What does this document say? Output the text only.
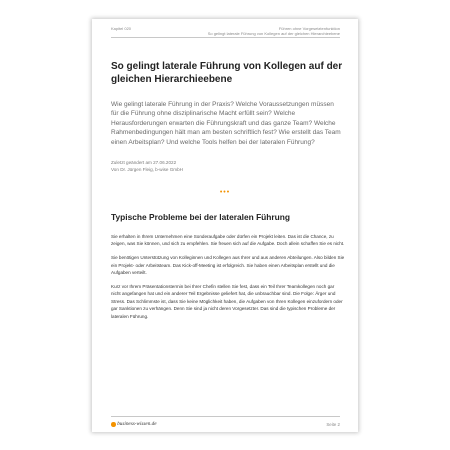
Kapitel 020	Führen ohne Vorgesetztenfunktion
So gelingt laterale Führung von Kollegen auf der gleichen Hierarchieebene
So gelingt laterale Führung von Kollegen auf der gleichen Hierarchieebene

Wie gelingt laterale Führung in der Praxis? Welche Voraussetzungen müssen für die Führung ohne disziplinarische Macht erfüllt sein? Welche Herausforderungen erwarten die Führungskraft und das ganze Team? Welche Rahmenbedingungen hält man am besten schriftlich fest? Wie erstellt das Team einen Arbeitsplan? Und welche Tools helfen bei der lateralen Führung?

Zuletzt geändert am 27.06.2022
Von Dr. Jürgen Fleig, b-wise GmbH
•••
Typische Probleme bei der lateralen Führung

Sie erhalten in Ihrem Unternehmen eine Sonderaufgabe oder dürfen ein Projekt leiten. Das ist die Chance, zu zeigen, was Sie können, und sich zu empfehlen. Sie freuen sich auf die Aufgabe. Doch allein schaffen Sie es nicht.

Sie benötigen Unterstützung von Kolleginnen und Kollegen aus Ihrer und aus anderen Abteilungen. Also bilden Sie ein Projekt- oder Arbeitsteam. Das Kick-off-Meeting ist erfolgreich. Sie haben einen Arbeitsplan erstellt und die Aufgaben verteilt.

Kurz vor Ihrem Präsentationstermin bei Ihrer Chefin stellen Sie fest, dass ein Teil Ihrer Teamkollegen noch gar nicht angefangen hat und ein anderer Teil Ergebnisse geliefert hat, die unbrauchbar sind. Die Folge: Ärger und Stress. Das Schlimmste ist, dass Sie keine Möglichkeit haben, die Aufgaben von Ihren Kollegen einzufordern oder gar Sanktionen zu verhängen. Denn Sie sind ja nicht deren Vorgesetzter. Das sind die typischen Probleme der lateralen Führung.

business-wissen.de	Seite 2
